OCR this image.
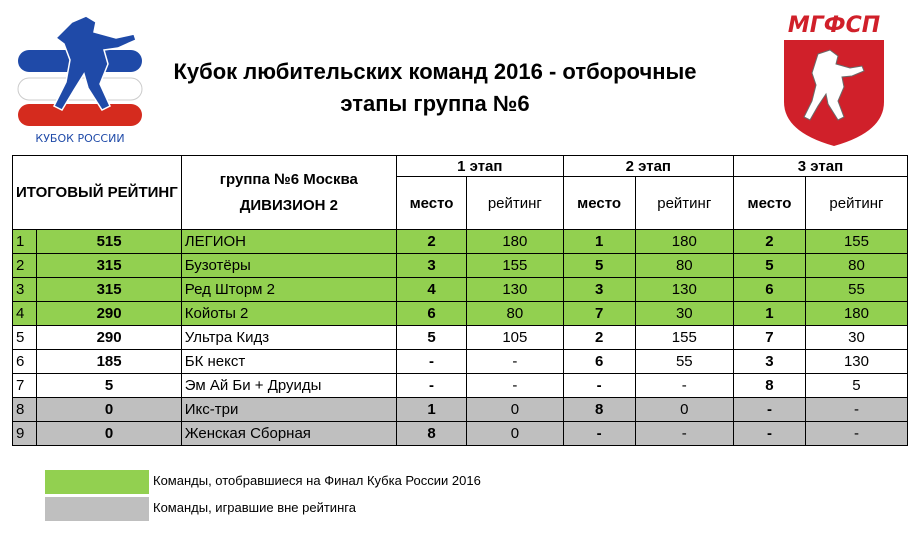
КУБОК РОССИИ
МГФСП
Кубок любительских команд 2016 - отборочные
этапы группа №6
ИТОГОВЫЙ РЕЙТИНГ		группа №6 Москва
ДИВИЗИОН 2	1 этап		2 этап		3 этап	
			место	рейтинг	место	рейтинг	место	рейтинг
1	515	ЛЕГИОН	2	180	1	180	2	155
2	315	Бузотёры	3	155	5	80	5	80
3	315	Ред Шторм 2	4	130	3	130	6	55
4	290	Койоты 2	6	80	7	30	1	180
5	290	Ультра Кидз	5	105	2	155	7	30
6	185	БК некст	-	-	6	55	3	130
7	5	Эм Ай Би + Друиды	-	-	-	-	8	5
8	0	Икс-три	1	0	8	0	-	-
9	0	Женская Сборная	8	0	-	-	-	-
Команды, отобравшиеся на Финал Кубка России 2016
Команды, игравшие вне рейтинга
